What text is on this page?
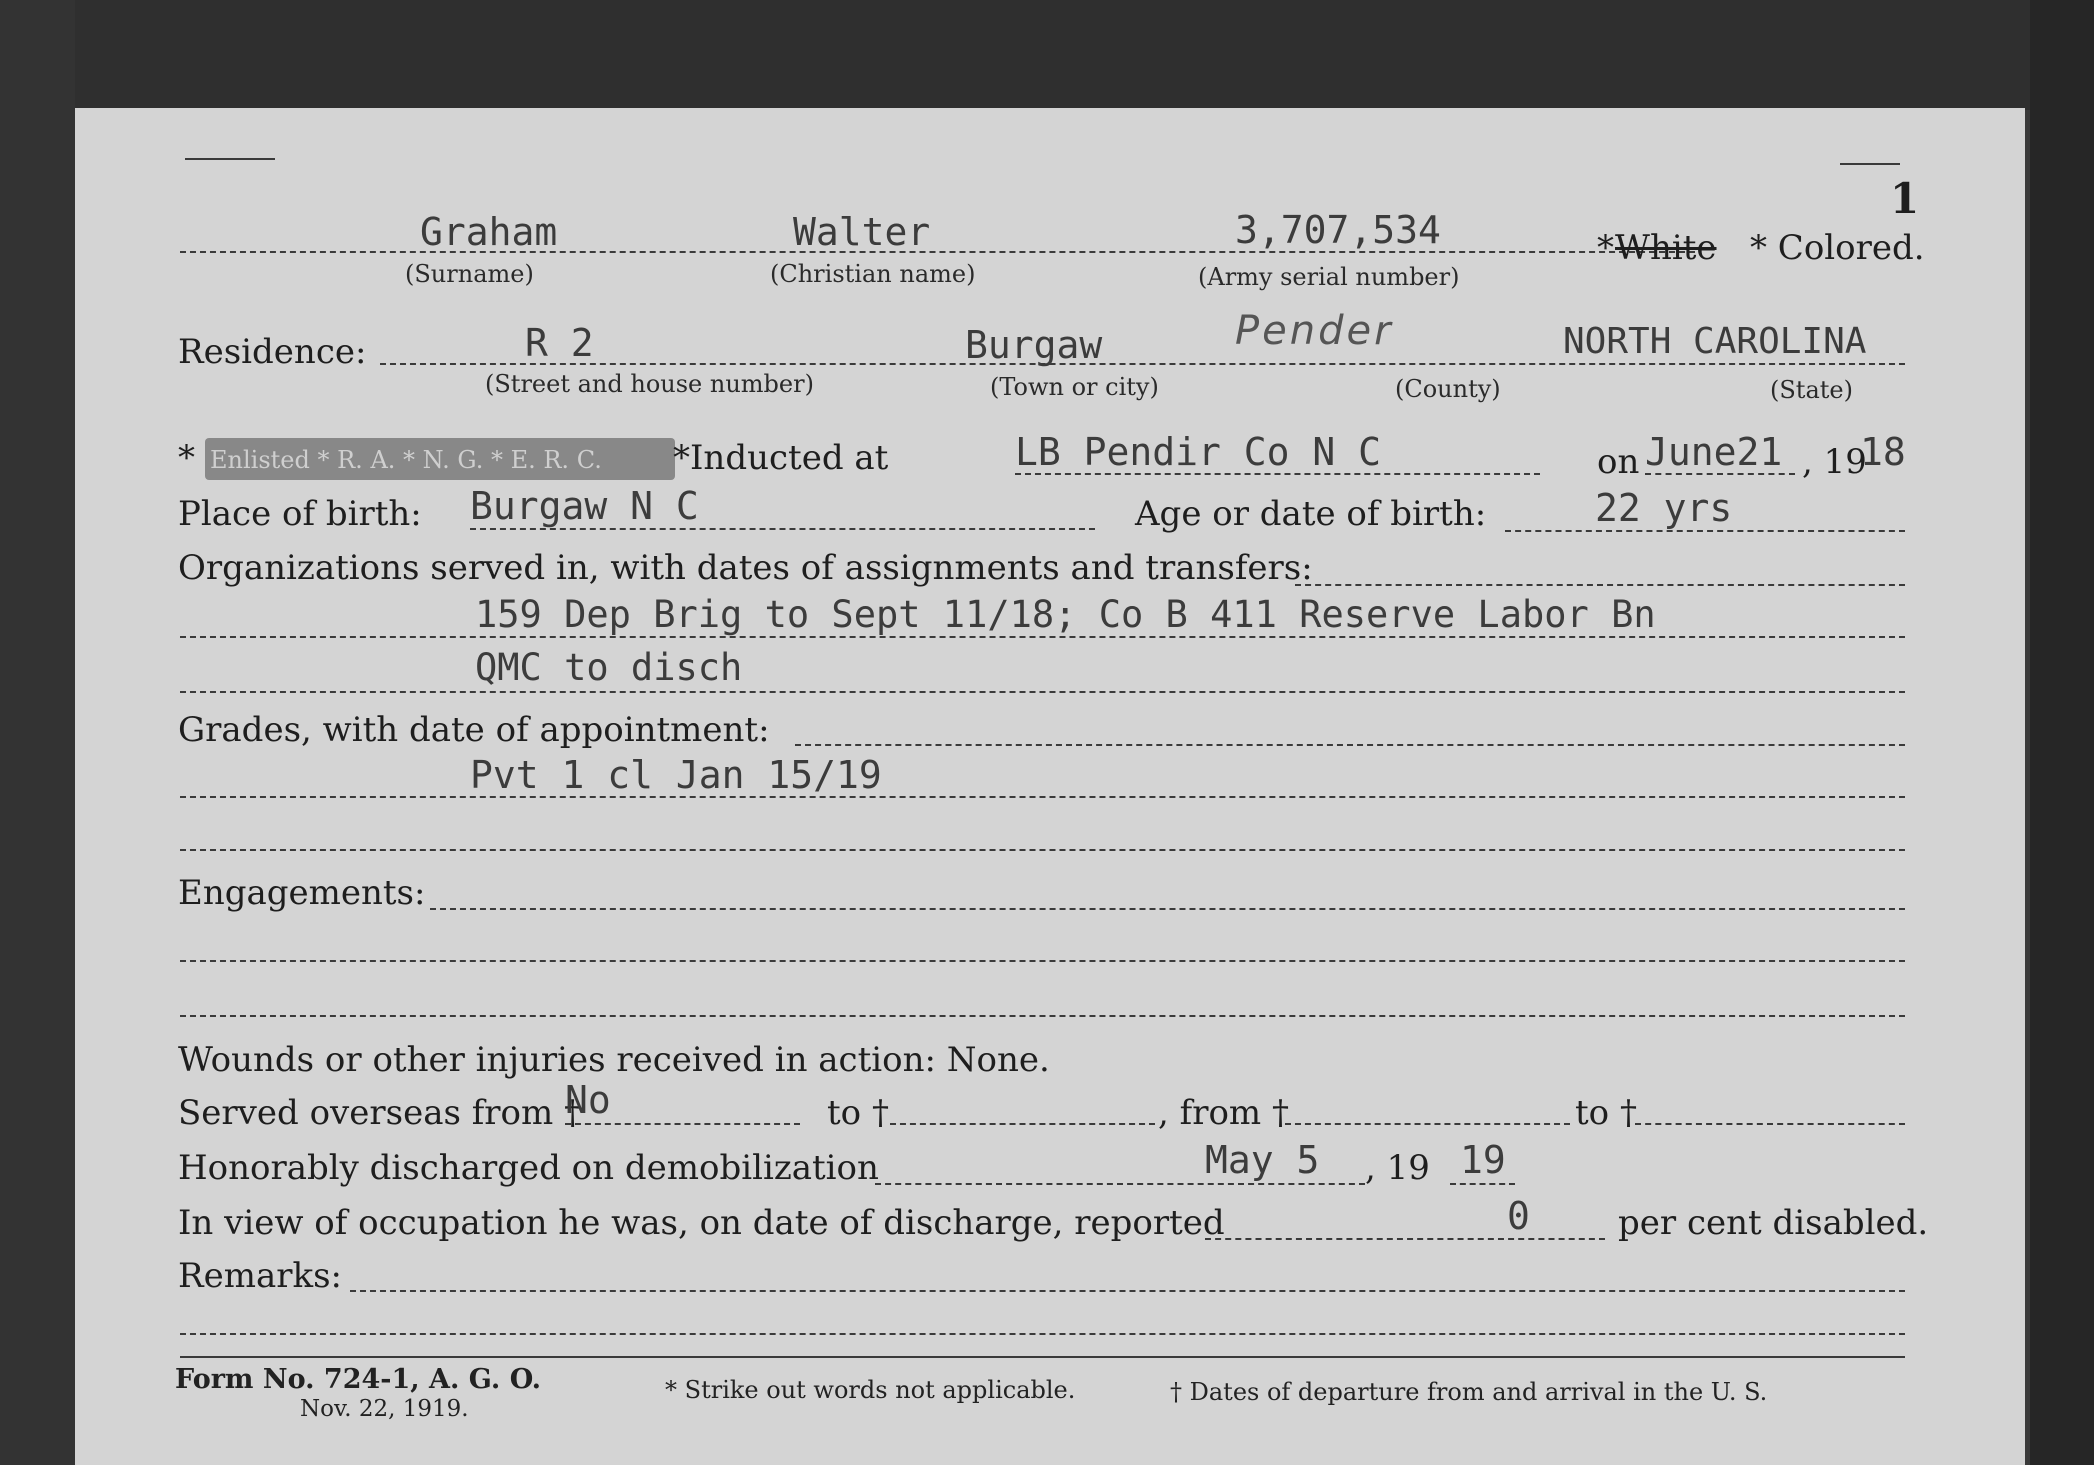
1
Graham
(Surname)
Walter
(Christian name)
3,707,534
(Army serial number)
* White * Colored.
Residence:	R 2
(Street and house number)
Burgaw
(Town or city)
Pender
(County)
NORTH CAROLINA
(State)
* Enlisted * R. A. * N. G. * E. R. C. *Inducted at	LB Pendir Co N C	on June21 , 19
18
Place of birth: Burgaw N C	Age or date of birth:	22 yrs
Organizations served in, with dates of assignments and transfers:
159 Dep Brig to Sept 11/18; Co B 411 Reserve Labor Bn
QMC to disch
Grades, with date of appointment:
Pvt 1 cl Jan 15/19
Engagements:
Wounds or other injuries received in action: None.
Served overseas from †
No	to †	, from †	to †
Honorably discharged on demobilization	May 5 , 19 19
In view of occupation he was, on date of discharge, reported	0	per cent disabled.
Remarks:
Form No. 724-1, A. G. O.
Nov. 22, 1919.
* Strike out words not applicable.	† Dates of departure from and arrival in the U. S.
